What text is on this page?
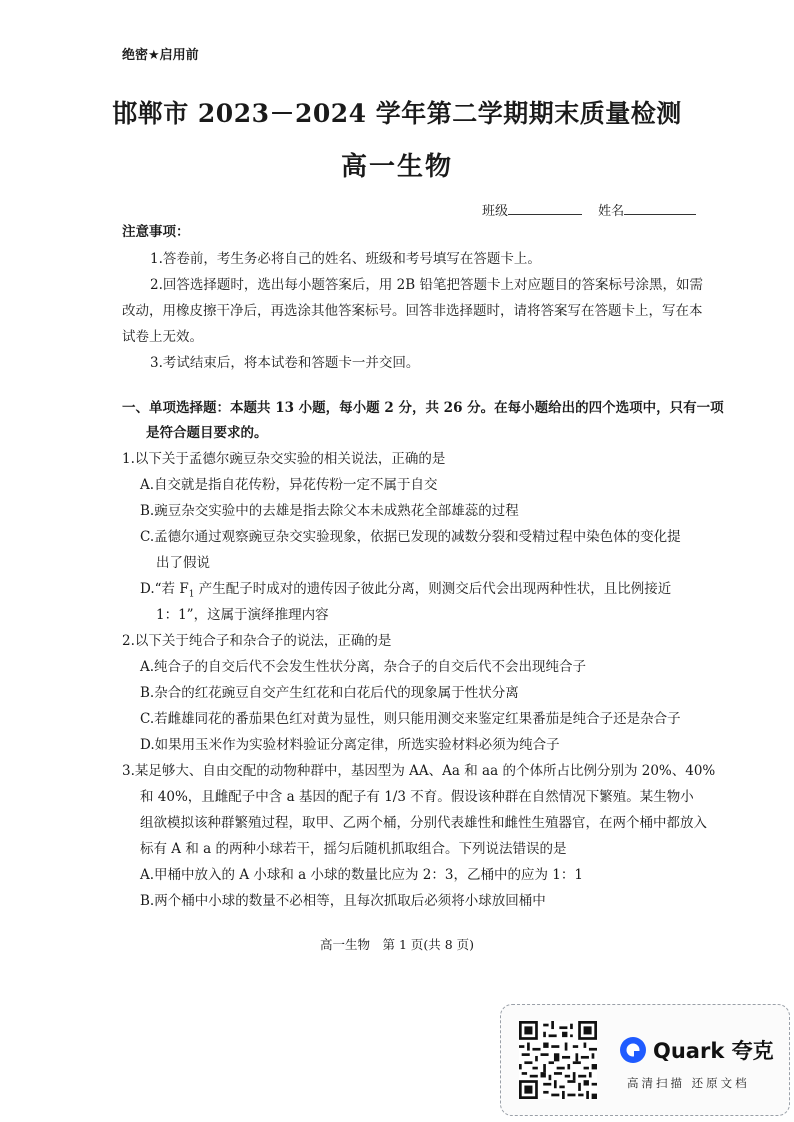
绝密★启用前
邯郸市 2023－2024 学年第二学期期末质量检测
高一生物
班级	姓名
注意事项：
1.答卷前，考生务必将自己的姓名、班级和考号填写在答题卡上。
2.回答选择题时，选出每小题答案后，用 2B 铅笔把答题卡上对应题目的答案标号涂黑，如需
改动，用橡皮擦干净后，再选涂其他答案标号。回答非选择题时，请将答案写在答题卡上，写在本
试卷上无效。
3.考试结束后，将本试卷和答题卡一并交回。
一、单项选择题：本题共 13 小题，每小题 2 分，共 26 分。在每小题给出的四个选项中，只有一项
是符合题目要求的。
1.以下关于孟德尔豌豆杂交实验的相关说法，正确的是
A.自交就是指自花传粉，异花传粉一定不属于自交
B.豌豆杂交实验中的去雄是指去除父本未成熟花全部雄蕊的过程
C.孟德尔通过观察豌豆杂交实验现象，依据已发现的减数分裂和受精过程中染色体的变化提
出了假说
D.“若 $F_1$ 产生配子时成对的遗传因子彼此分离，则测交后代会出现两种性状，且比例接近
1：1”，这属于演绎推理内容
2.以下关于纯合子和杂合子的说法，正确的是
A.纯合子的自交后代不会发生性状分离，杂合子的自交后代不会出现纯合子
B.杂合的红花豌豆自交产生红花和白花后代的现象属于性状分离
C.若雌雄同花的番茄果色红对黄为显性，则只能用测交来鉴定红果番茄是纯合子还是杂合子
D.如果用玉米作为实验材料验证分离定律，所选实验材料必须为纯合子
3.某足够大、自由交配的动物种群中，基因型为 AA、Aa 和 aa 的个体所占比例分别为 20%、40%
和 40%，且雌配子中含 a 基因的配子有 1/3 不育。假设该种群在自然情况下繁殖。某生物小
组欲模拟该种群繁殖过程，取甲、乙两个桶，分别代表雄性和雌性生殖器官，在两个桶中都放入
标有 A 和 a 的两种小球若干，摇匀后随机抓取组合。下列说法错误的是
A.甲桶中放入的 A 小球和 a 小球的数量比应为 2：3，乙桶中的应为 1：1
B.两个桶中小球的数量不必相等，且每次抓取后必须将小球放回桶中
高一生物　第 1 页(共 8 页)
Quark 夸克
高清扫描 还原文档
